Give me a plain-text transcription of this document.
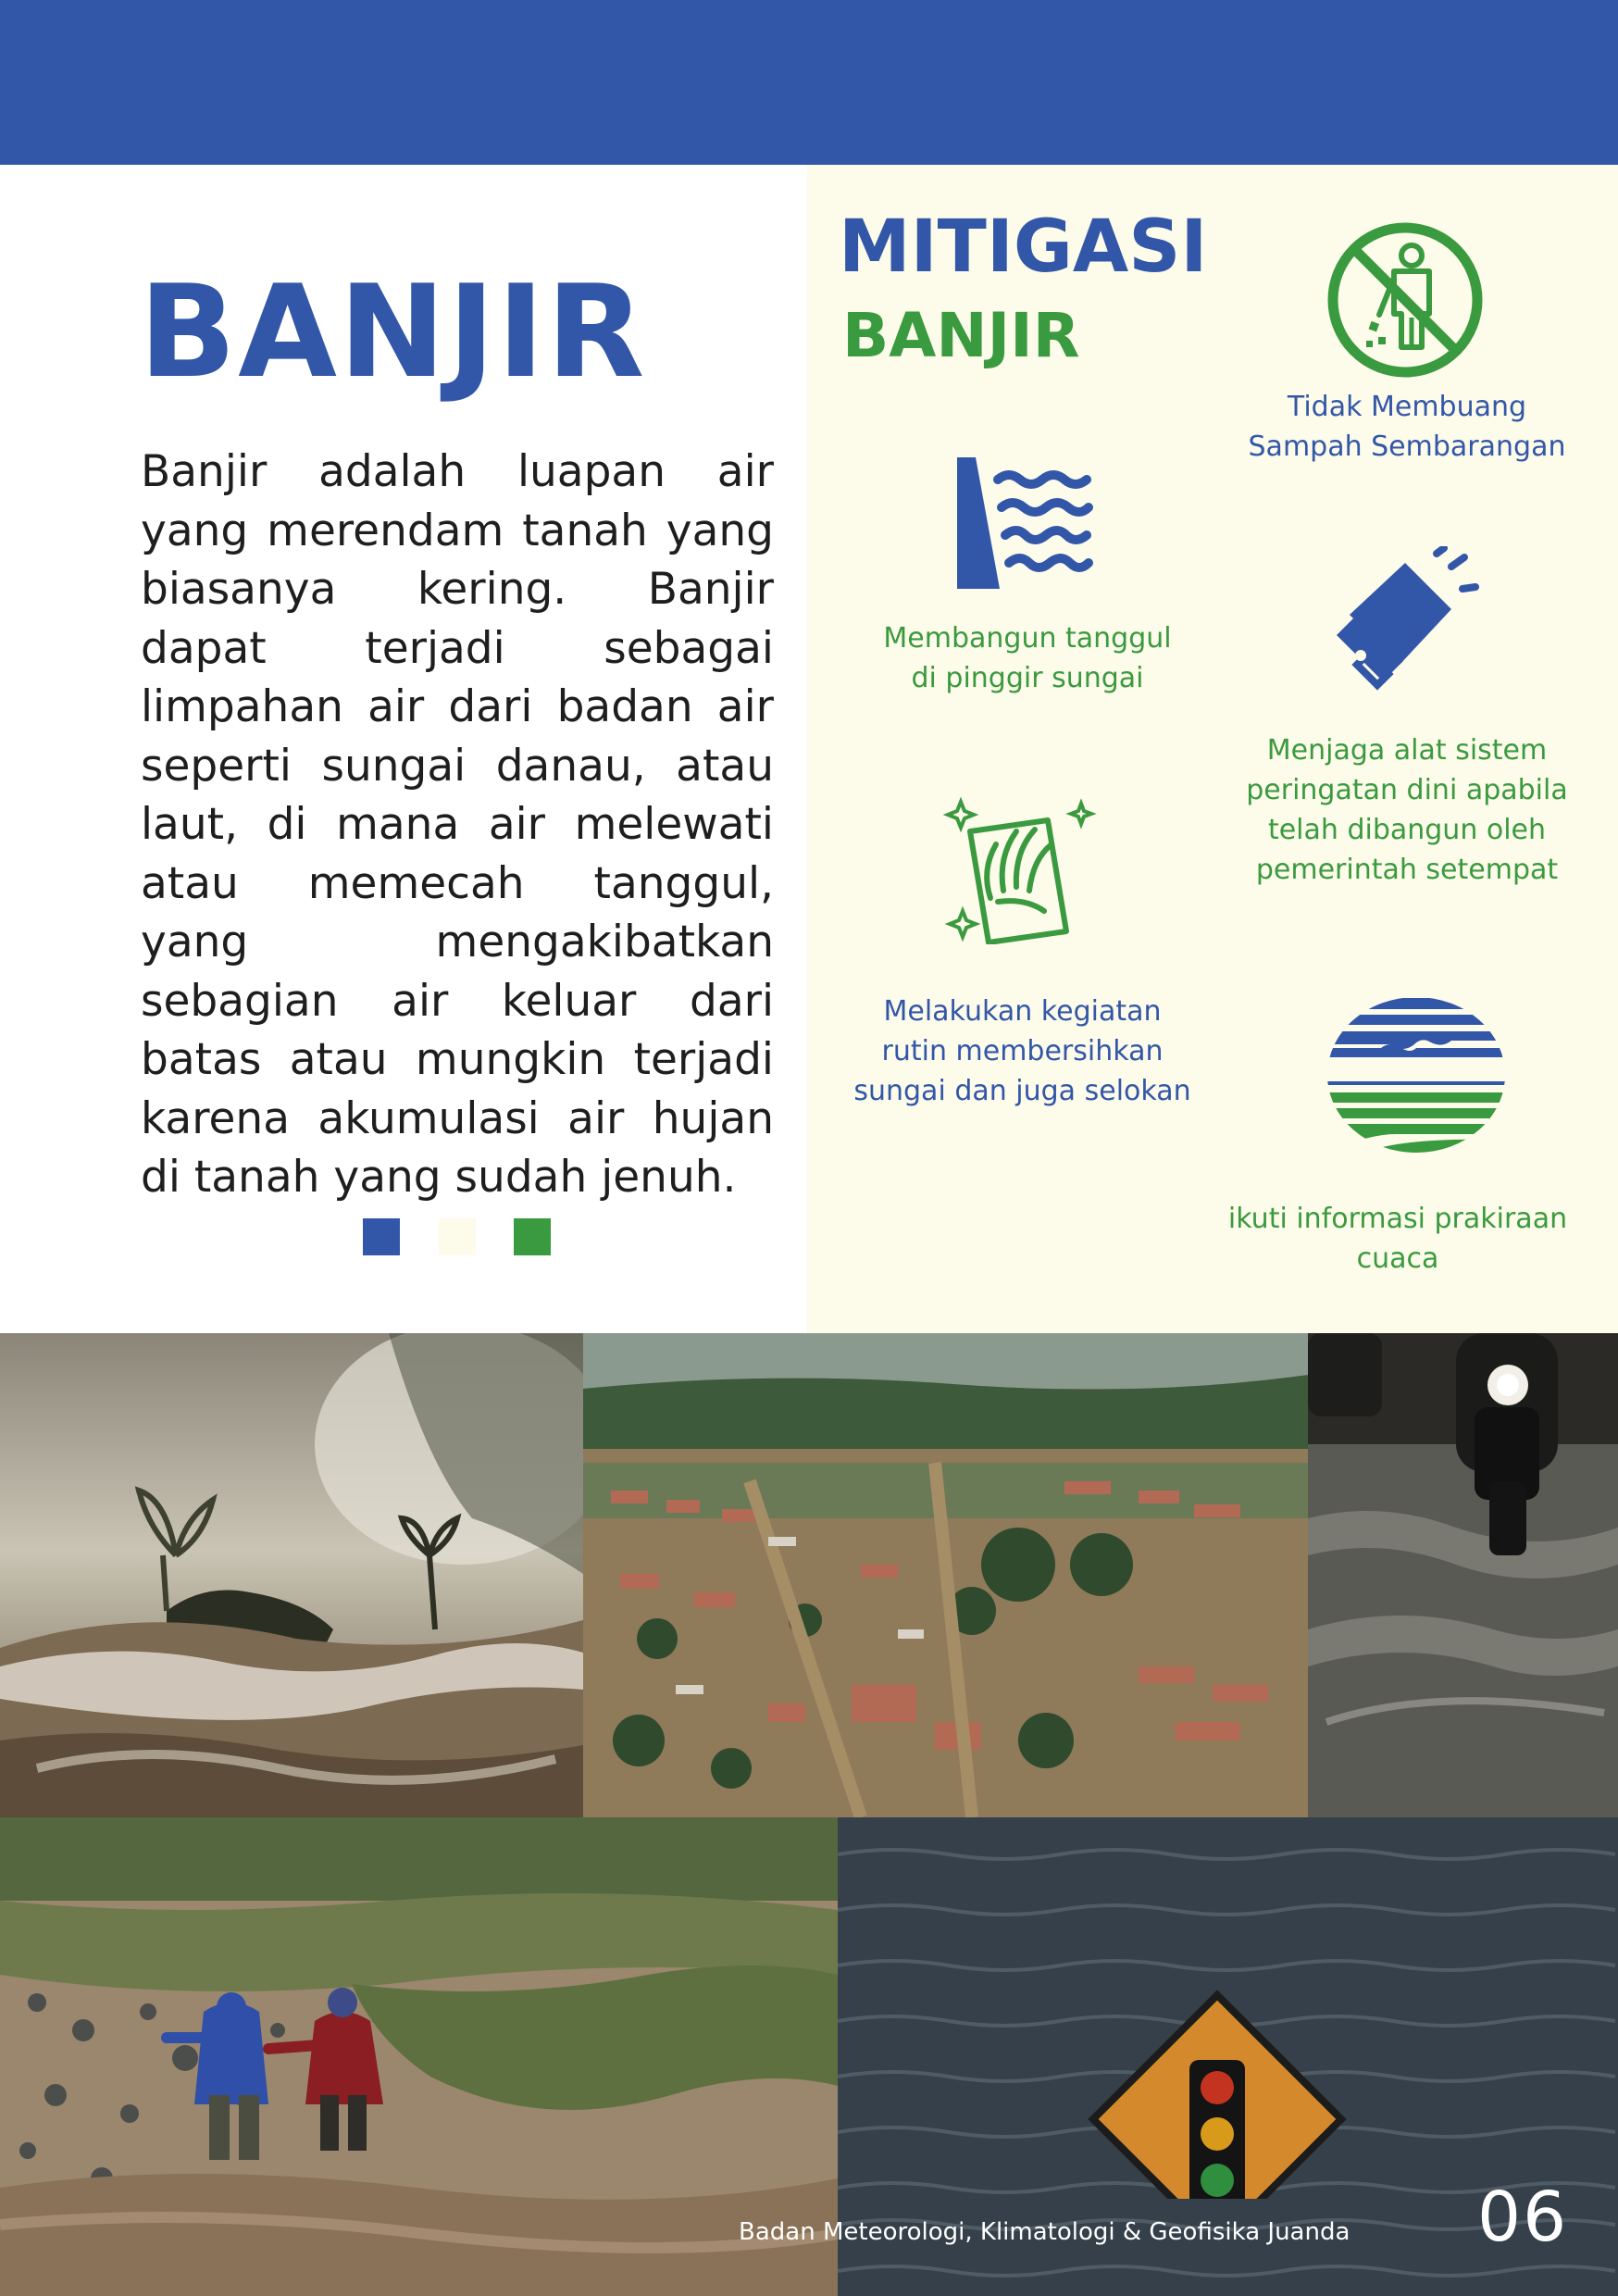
BANJIR

Banjir adalah luapan air yang merendam tanah yang biasanya kering. Banjir dapat terjadi sebagai limpahan air dari badan air seperti sungai danau, atau laut, di mana air melewati atau memecah tanggul, yang mengakibatkan sebagian air keluar dari batas atau mungkin terjadi karena akumulasi air hujan di tanah yang sudah jenuh.

MITIGASI
BANJIR

Tidak Membuang
Sampah Sembarangan

Membangun tanggul
di pinggir sungai

Menjaga alat sistem
peringatan dini apabila
telah dibangun oleh
pemerintah setempat

Melakukan kegiatan
rutin membersihkan
sungai dan juga selokan

ikuti informasi prakiraan
cuaca

Badan Meteorologi, Klimatologi & Geofisika Juanda 06
